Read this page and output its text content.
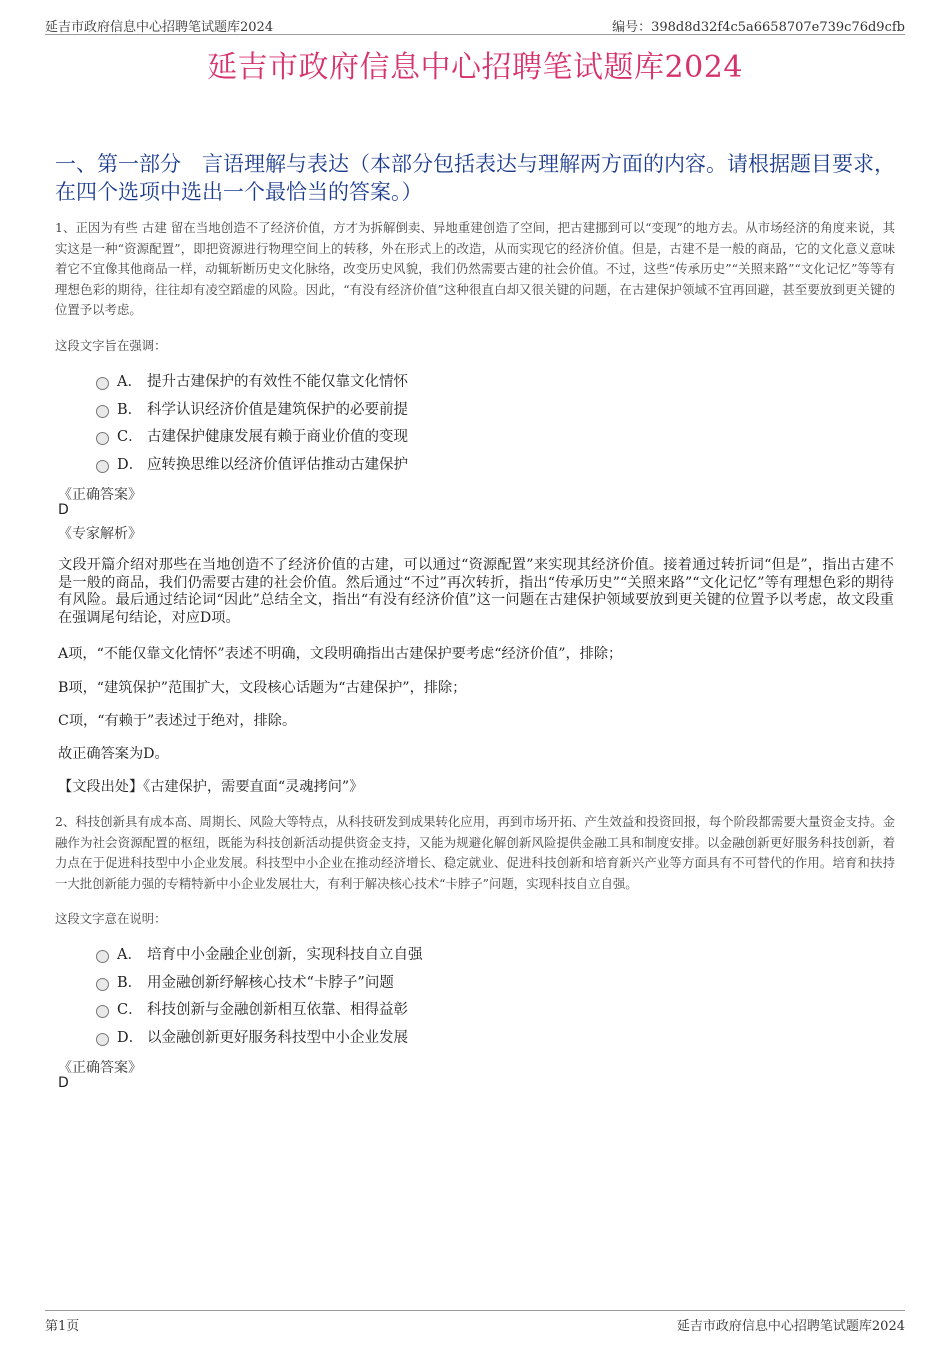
延吉市政府信息中心招聘笔试题库2024	编号：398d8d32f4c5a6658707e739c76d9cfb
延吉市政府信息中心招聘笔试题库2024
一、第一部分　言语理解与表达（本部分包括表达与理解两方面的内容。请根据题目要求，在四个选项中选出一个最恰当的答案。）
1、正因为有些 古建 留在当地创造不了经济价值，方才为拆解倒卖、异地重建创造了空间，把古建挪到可以“变现”的地方去。从市场经济的角度来说，其实这是一种“资源配置”，即把资源进行物理空间上的转移，外在形式上的改造，从而实现它的经济价值。但是，古建不是一般的商品，它的文化意义意味着它不宜像其他商品一样，动辄斩断历史文化脉络，改变历史风貌，我们仍然需要古建的社会价值。不过，这些“传承历史”“关照来路”“文化记忆”等等有理想色彩的期待，往往却有凌空蹈虚的风险。因此，“有没有经济价值”这种很直白却又很关键的问题，在古建保护领域不宜再回避，甚至要放到更关键的位置予以考虑。
这段文字旨在强调：
A． 提升古建保护的有效性不能仅靠文化情怀
B． 科学认识经济价值是建筑保护的必要前提
C． 古建保护健康发展有赖于商业价值的变现
D． 应转换思维以经济价值评估推动古建保护
《正确答案》
D
《专家解析》
文段开篇介绍对那些在当地创造不了经济价值的古建，可以通过“资源配置”来实现其经济价值。接着通过转折词“但是”，指出古建不是一般的商品，我们仍需要古建的社会价值。然后通过“不过”再次转折，指出“传承历史”“关照来路”“文化记忆”等有理想色彩的期待有风险。最后通过结论词“因此”总结全文，指出“有没有经济价值”这一问题在古建保护领域要放到更关键的位置予以考虑，故文段重在强调尾句结论，对应D项。
A项，“不能仅靠文化情怀”表述不明确，文段明确指出古建保护要考虑“经济价值”，排除；
B项，“建筑保护”范围扩大，文段核心话题为“古建保护”，排除；
C项，“有赖于”表述过于绝对，排除。
故正确答案为D。
【文段出处】《古建保护，需要直面“灵魂拷问”》
2、科技创新具有成本高、周期长、风险大等特点，从科技研发到成果转化应用，再到市场开拓、产生效益和投资回报，每个阶段都需要大量资金支持。金融作为社会资源配置的枢纽，既能为科技创新活动提供资金支持，又能为规避化解创新风险提供金融工具和制度安排。以金融创新更好服务科技创新，着力点在于促进科技型中小企业发展。科技型中小企业在推动经济增长、稳定就业、促进科技创新和培育新兴产业等方面具有不可替代的作用。培育和扶持一大批创新能力强的专精特新中小企业发展壮大，有利于解决核心技术“卡脖子”问题，实现科技自立自强。
这段文字意在说明：
A． 培育中小金融企业创新，实现科技自立自强
B． 用金融创新纾解核心技术“卡脖子”问题
C． 科技创新与金融创新相互依靠、相得益彰
D． 以金融创新更好服务科技型中小企业发展
《正确答案》
D
第1页	延吉市政府信息中心招聘笔试题库2024
